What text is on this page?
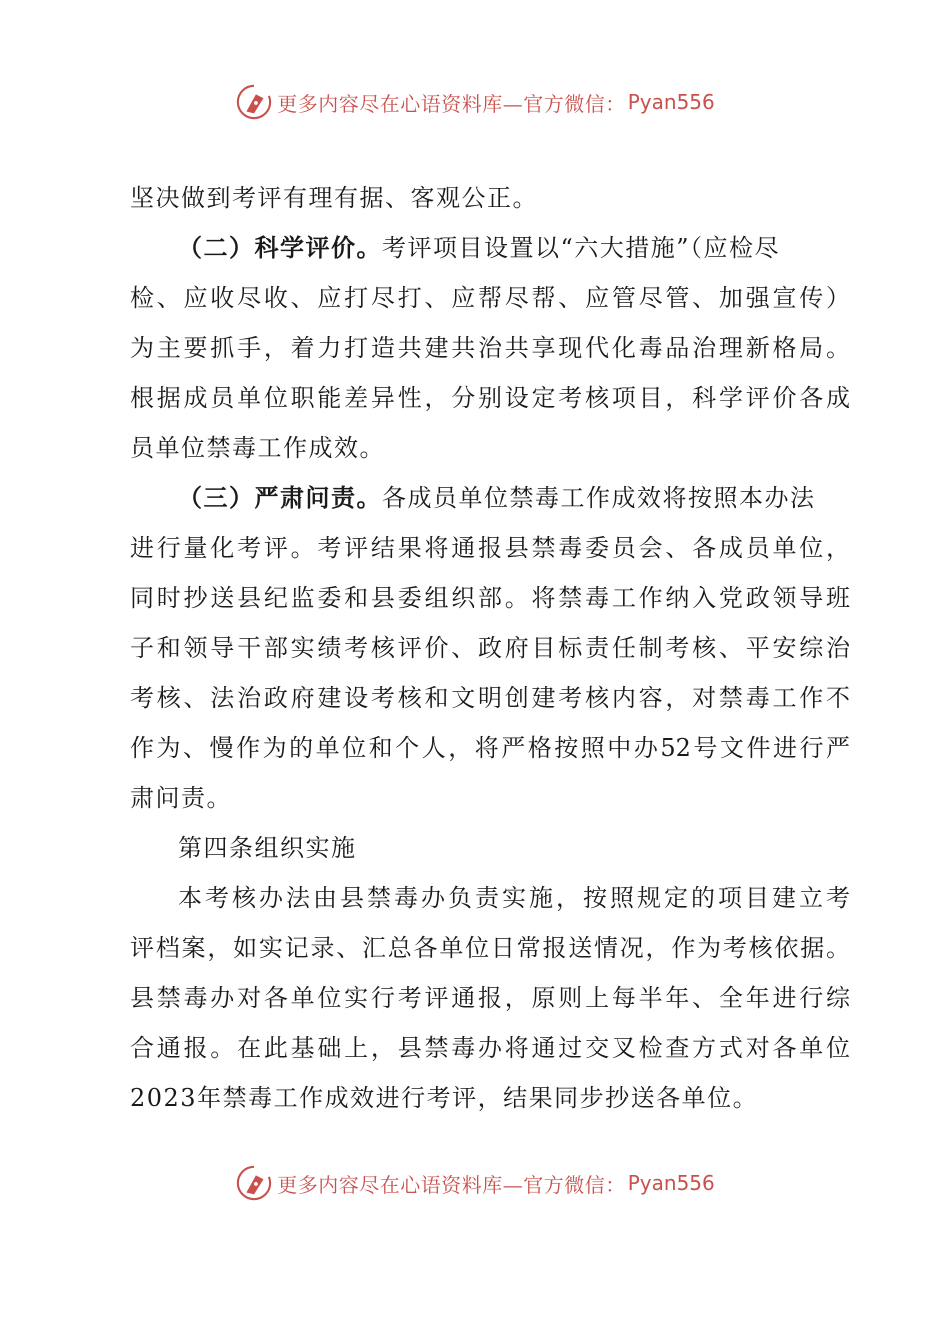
更多内容尽在心语资料库—官方微信： Pyan556
坚决做到考评有理有据、客观公正。
（二）科学评价。考评项目设置以“六大措施”（应检尽
检、应收尽收、应打尽打、应帮尽帮、应管尽管、加强宣传）
为主要抓手，着力打造共建共治共享现代化毒品治理新格局。
根据成员单位职能差异性，分别设定考核项目，科学评价各成
员单位禁毒工作成效。
（三）严肃问责。各成员单位禁毒工作成效将按照本办法
进行量化考评。考评结果将通报县禁毒委员会、各成员单位，
同时抄送县纪监委和县委组织部。将禁毒工作纳入党政领导班
子和领导干部实绩考核评价、政府目标责任制考核、平安综治
考核、法治政府建设考核和文明创建考核内容，对禁毒工作不
作为、慢作为的单位和个人，将严格按照中办52号文件进行严
肃问责。
第四条组织实施
本考核办法由县禁毒办负责实施，按照规定的项目建立考
评档案，如实记录、汇总各单位日常报送情况，作为考核依据。
县禁毒办对各单位实行考评通报，原则上每半年、全年进行综
合通报。在此基础上，县禁毒办将通过交叉检查方式对各单位
2023年禁毒工作成效进行考评，结果同步抄送各单位。
更多内容尽在心语资料库—官方微信： Pyan556
